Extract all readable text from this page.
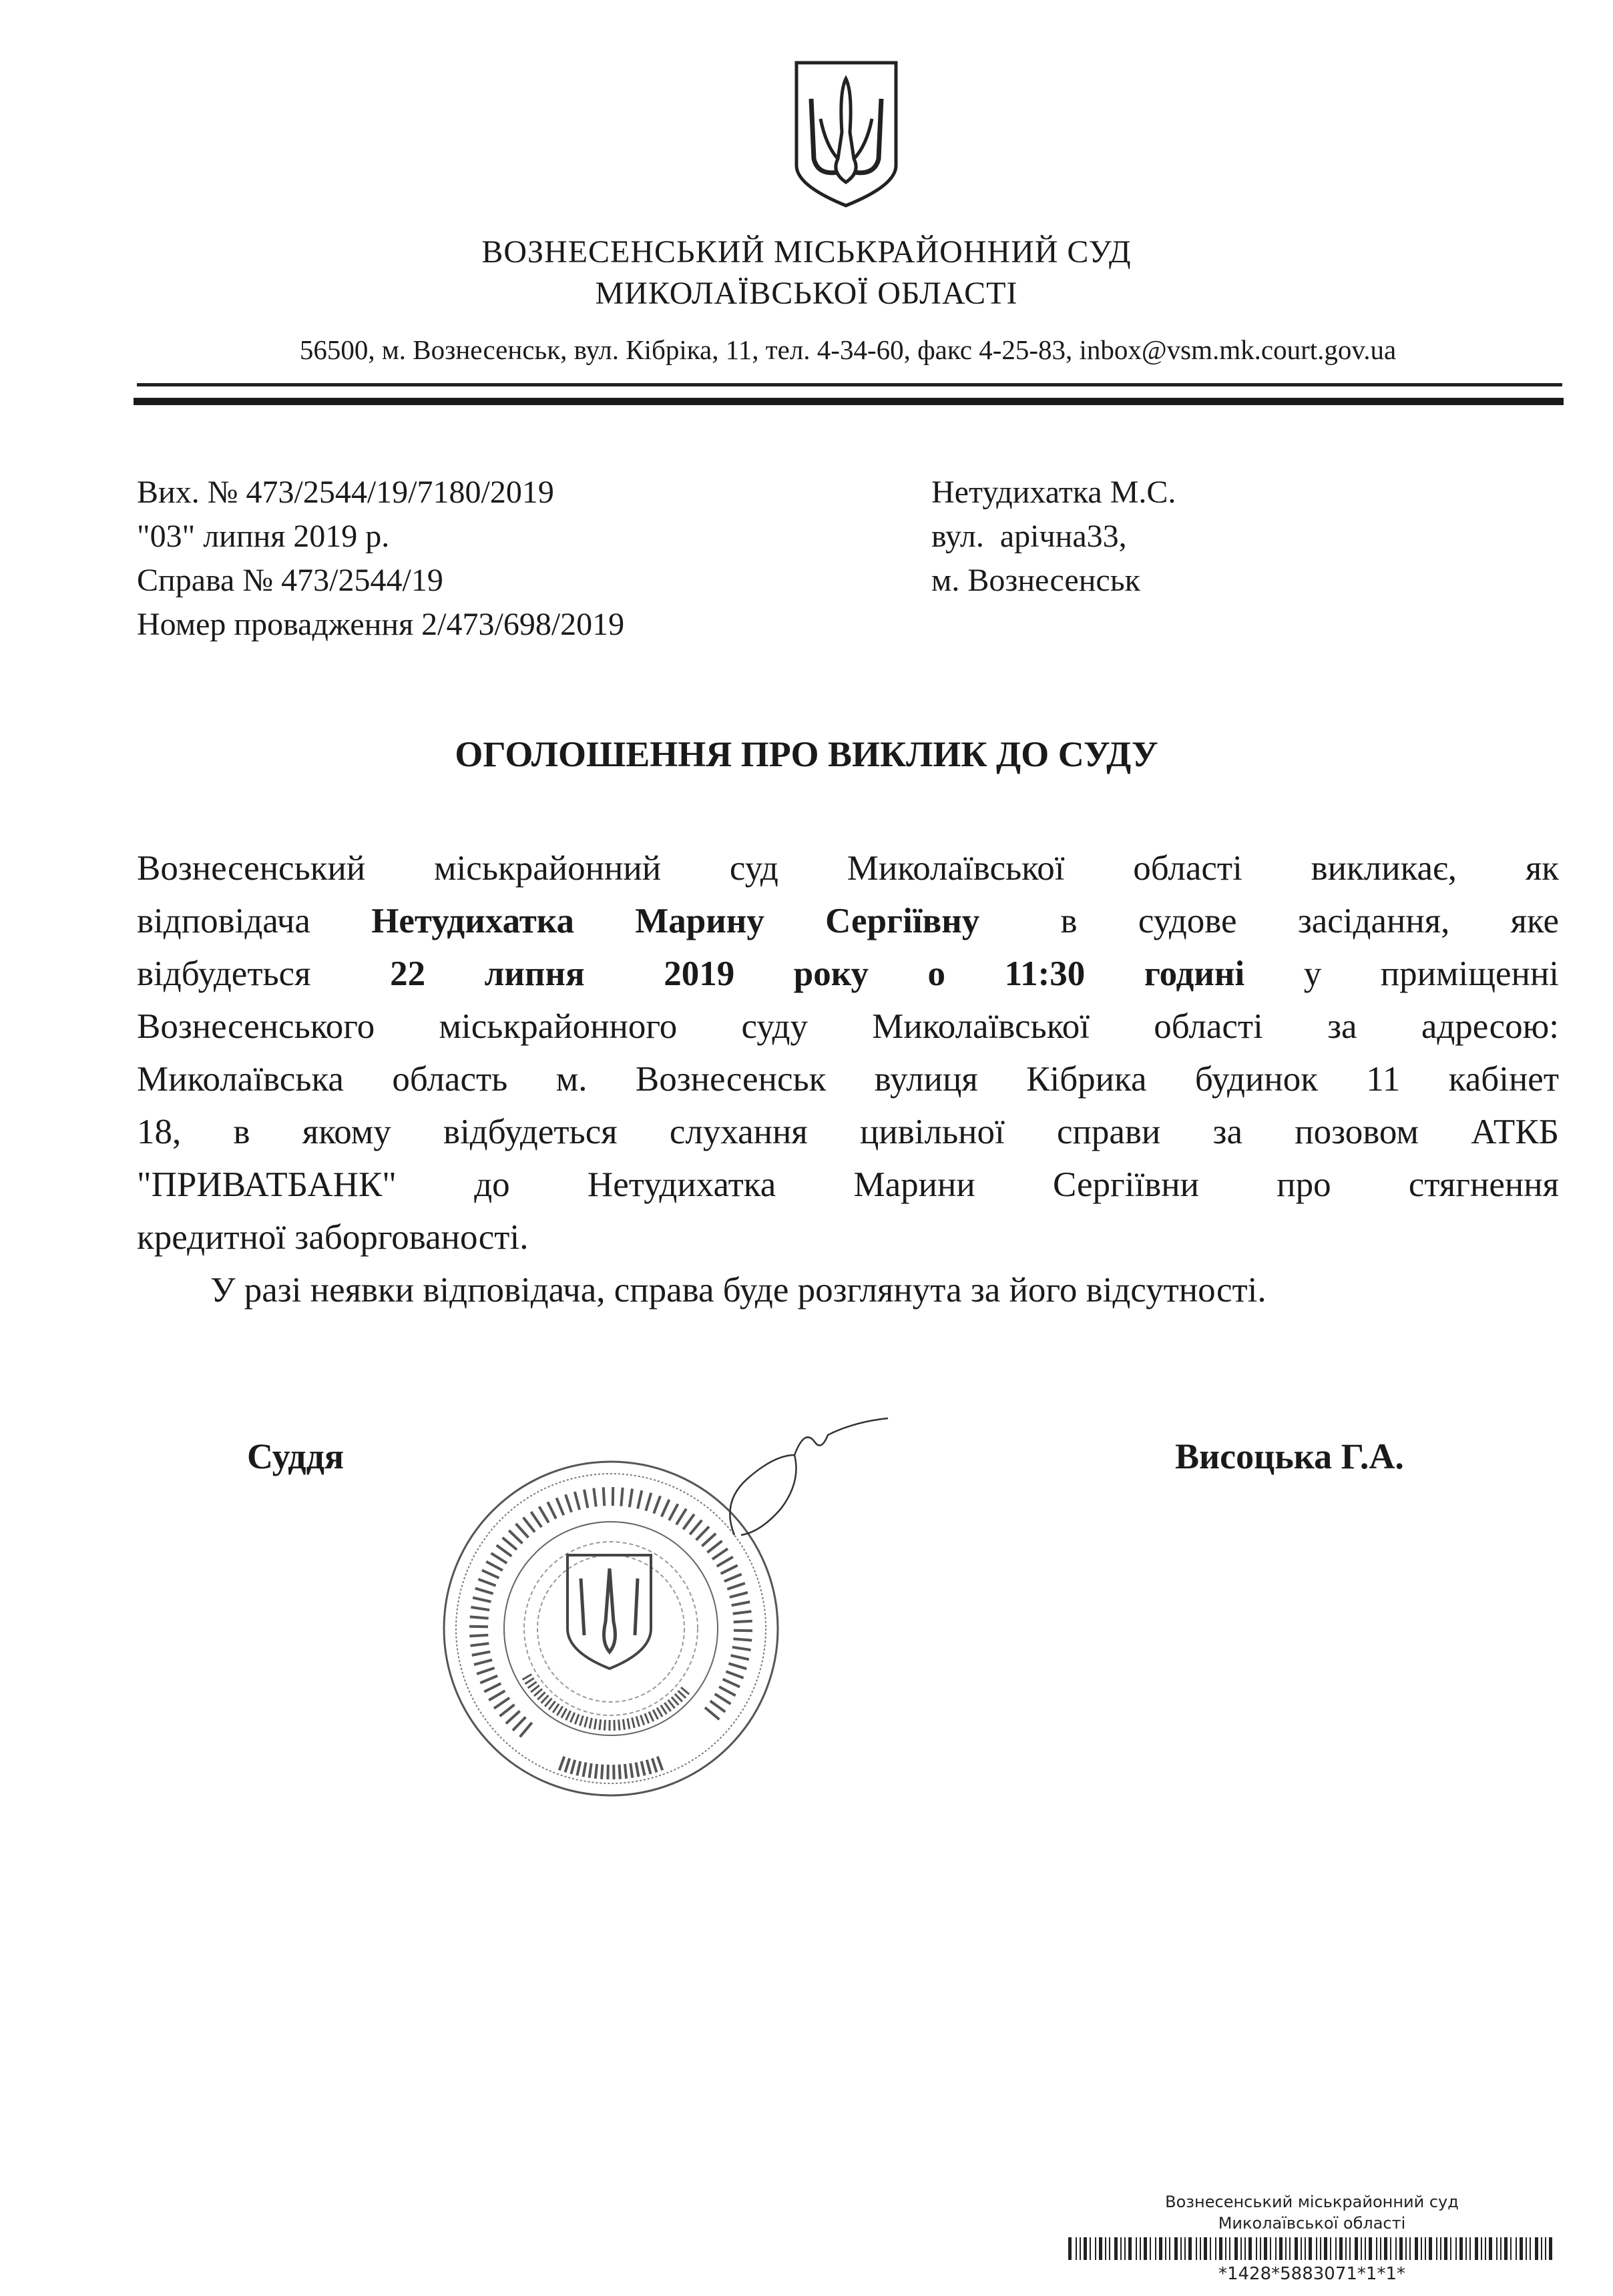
ВОЗНЕСЕНСЬКИЙ МІСЬКРАЙОННИЙ СУД
МИКОЛАЇВСЬКОЇ ОБЛАСТІ
56500, м. Вознесенськ, вул. Кібріка, 11, тел. 4-34-60, факс 4-25-83, inbox@vsm.mk.court.gov.ua
Вих. № 473/2544/19/7180/2019
"03" липня 2019 р.
Справа № 473/2544/19
Номер провадження 2/473/698/2019
Нетудихатка М.С.
вул.  арічна33,
м. Вознесенськ
ОГОЛОШЕННЯ ПРО ВИКЛИК ДО СУДУ
Вознесенський міськрайонний суд Миколаївської області викликає, як
відповідача Нетудихатка Марину Сергіївну в судове засідання, яке
відбудеться 22 липня 2019 року о 11:30 годині у приміщенні
Вознесенського міськрайонного суду Миколаївської області за адресою:
Миколаївська область м. Вознесенськ вулиця Кібрика будинок 11 кабінет
18, в якому відбудеться слухання цивільної справи за позовом АТКБ
"ПРИВАТБАНК" до Нетудихатка Марини Сергіївни про стягнення
кредитної заборгованості.
У разі неявки відповідача, справа буде розглянута за його відсутності.
Суддя	Висоцька Г.А.
Вознесенський міськрайонний суд
Миколаївської області
*1428*5883071*1*1*
